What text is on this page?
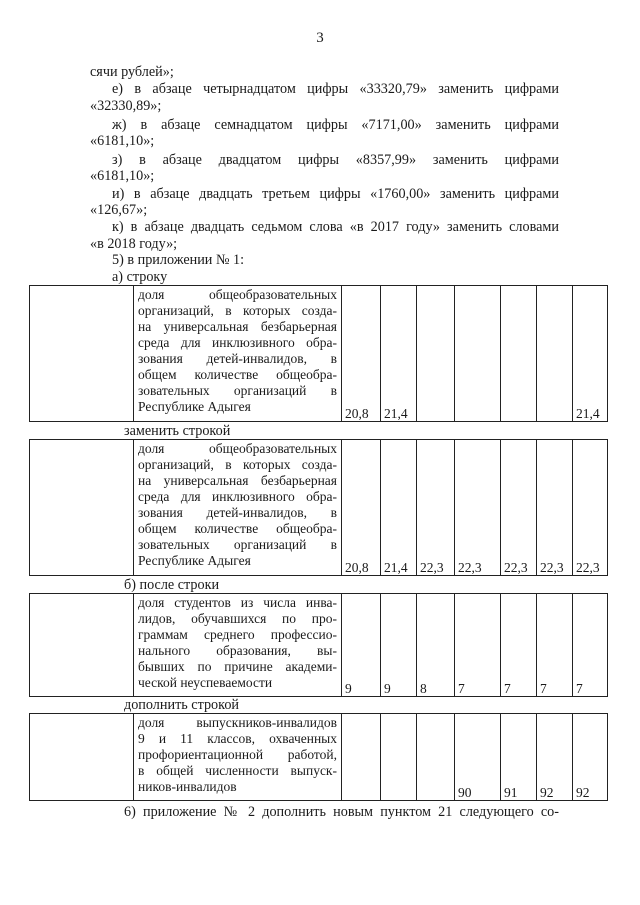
3
сячи рублей»;
е) в абзаце четырнадцатом цифры «33320,79» заменить цифрами
«32330,89»;
ж) в абзаце семнадцатом цифры «7171,00» заменить цифрами
«6181,10»;
з) в абзаце двадцатом цифры «8357,99» заменить цифрами
«6181,10»;
и) в абзаце двадцать третьем цифры «1760,00» заменить цифрами
«126,67»;
к) в абзаце двадцать седьмом слова «в 2017 году» заменить словами
«в 2018 году»;
5) в приложении № 1:
а) строку

доля общеобразовательных
организаций, в которых созда-
на универсальная безбарьерная
среда для инклюзивного обра-
зования детей-инвалидов, в
общем количестве общеобра-
зовательных организаций в
Республике Адыгея	20,8	21,4					21,4
заменить строкой

доля общеобразовательных
организаций, в которых созда-
на универсальная безбарьерная
среда для инклюзивного обра-
зования детей-инвалидов, в
общем количестве общеобра-
зовательных организаций в
Республике Адыгея	20,8	21,4	22,3	22,3	22,3	22,3	22,3
б) после строки

доля студентов из числа инва-
лидов, обучавшихся по про-
граммам среднего профессио-
нального образования, вы-
бывших по причине академи-
ческой неуспеваемости	9	9	8	7	7	7	7
дополнить строкой

доля выпускников-инвалидов
9 и 11 классов, охваченных
профориентационной работой,
в общей численности выпуск-
ников-инвалидов				90	91	92	92
6) приложение № 2 дополнить новым пунктом 21 следующего со-
